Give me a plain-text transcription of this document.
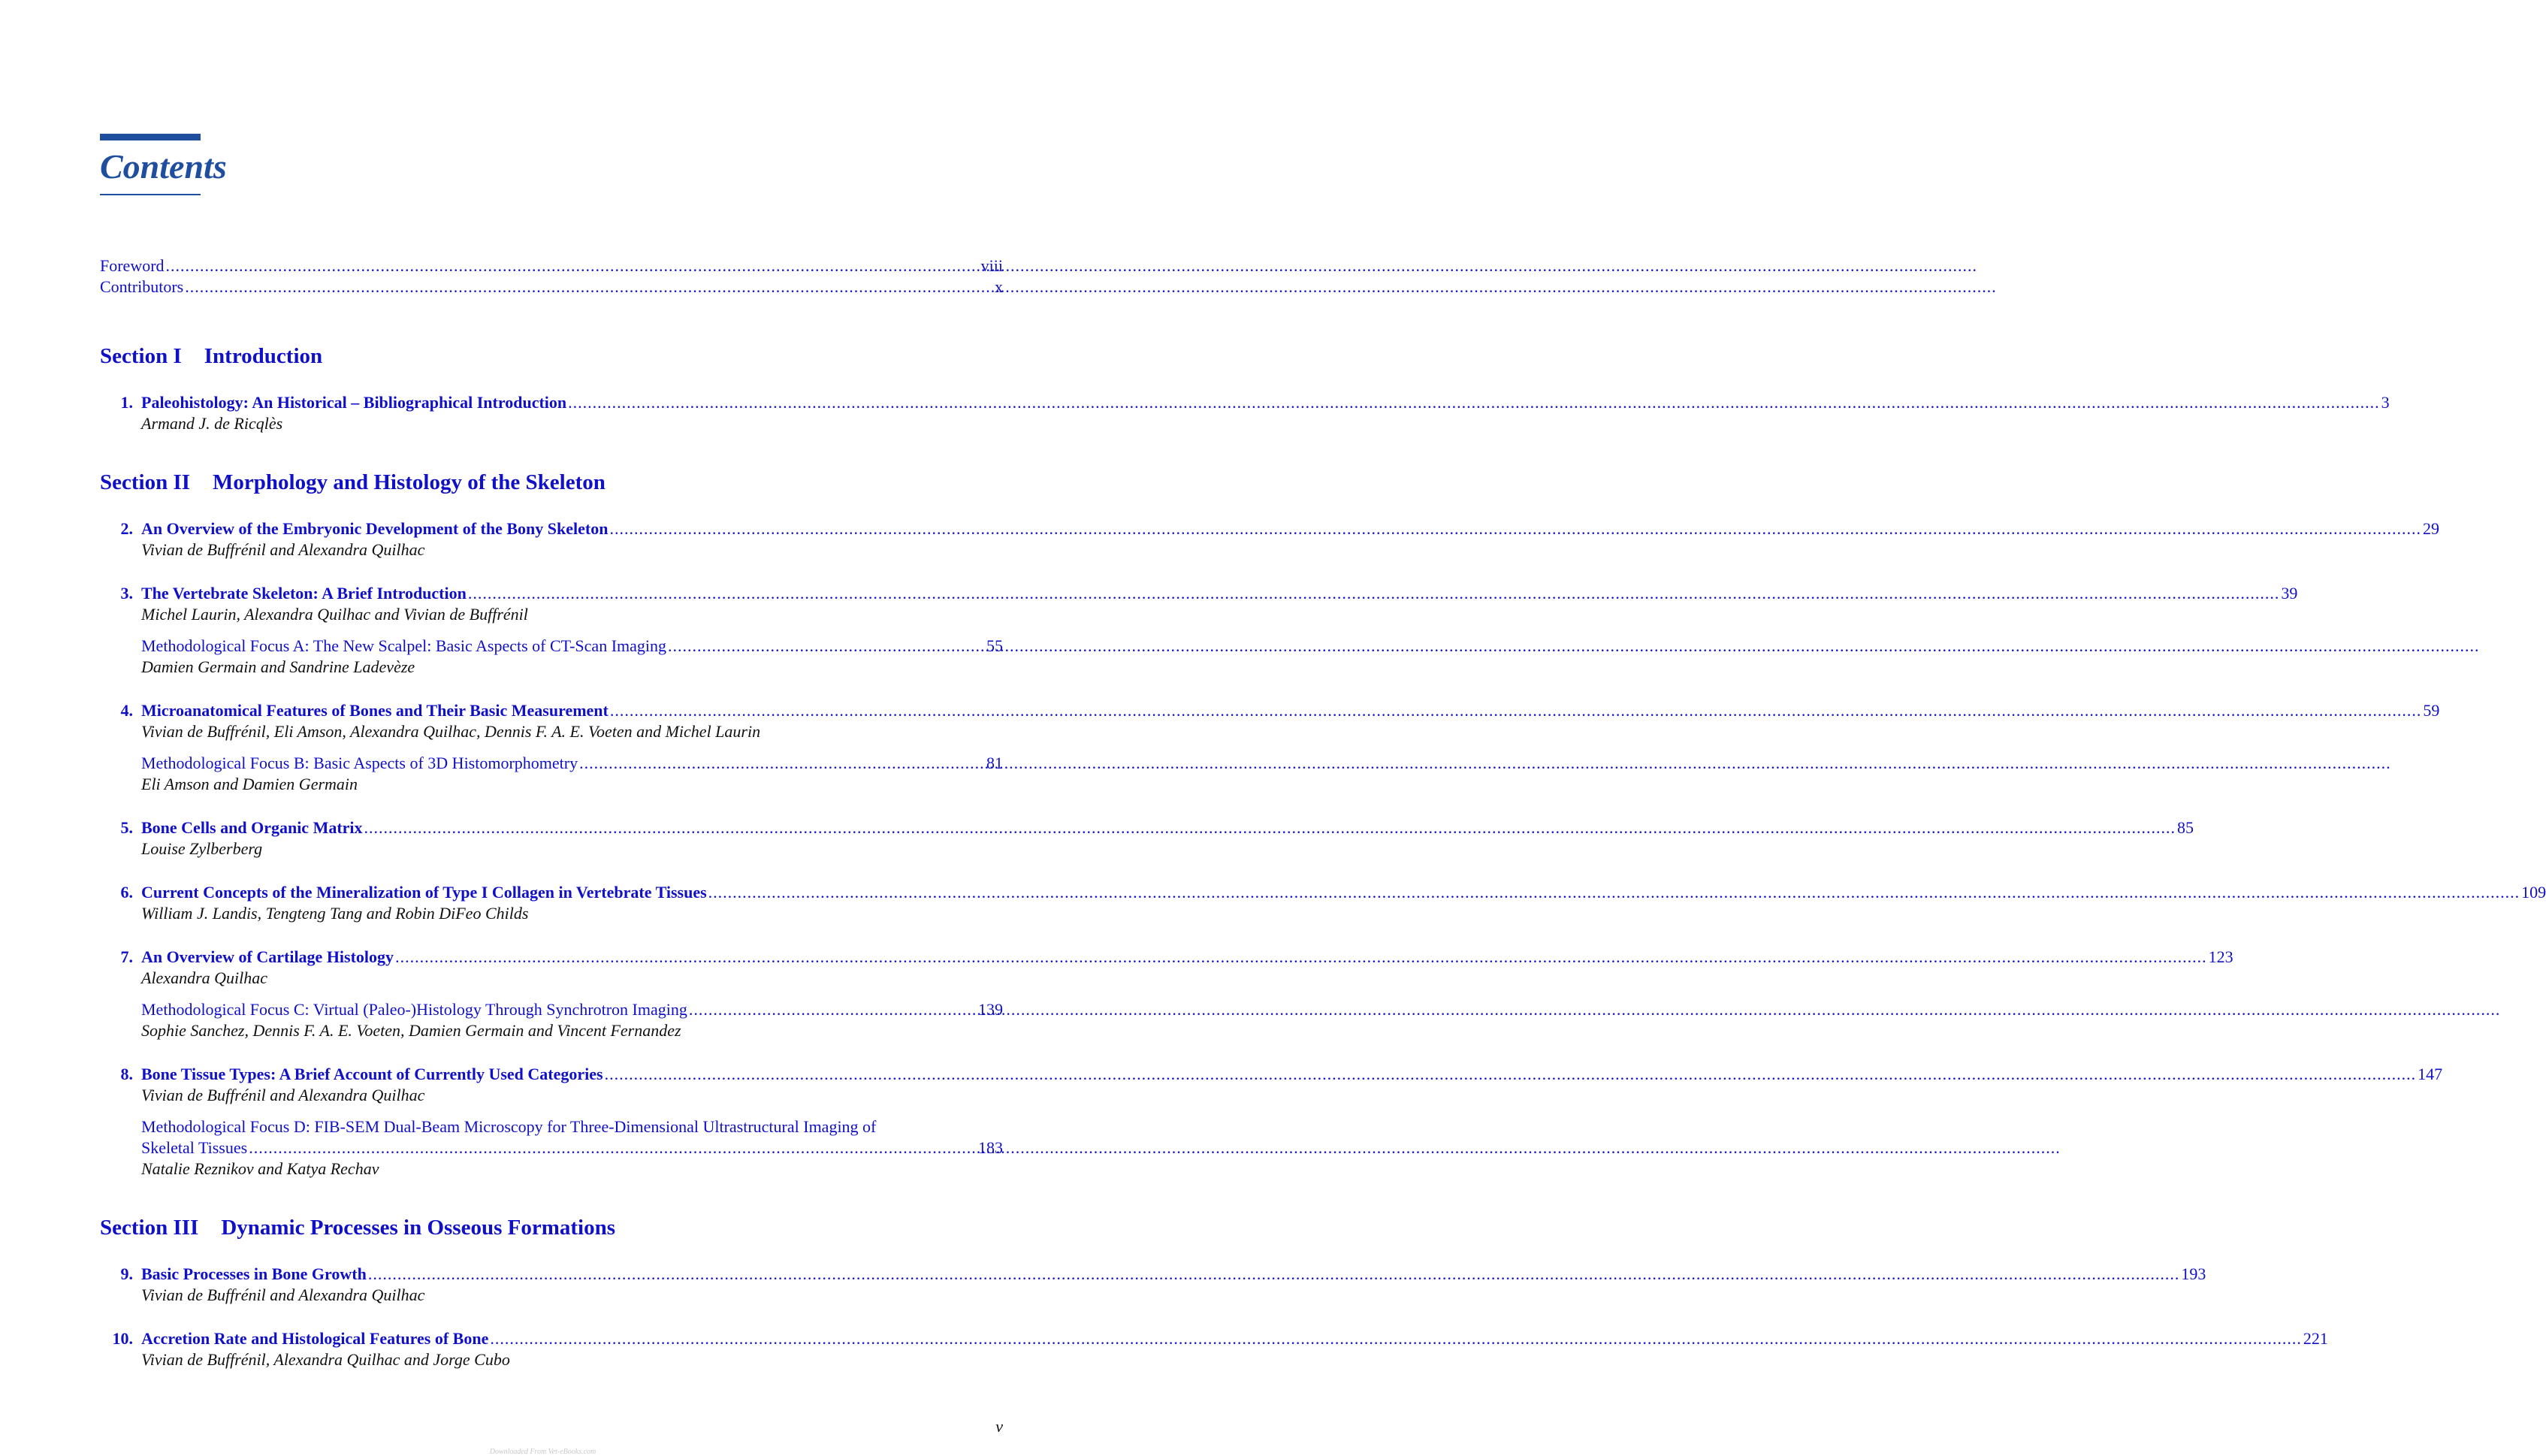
Contents
Foreword .....	viii
Contributors .....	x
Section I Introduction
1. Paleohistology: An Historical – Bibliographical Introduction .....	3
Armand J. de Ricqlès
Section II Morphology and Histology of the Skeleton
2. An Overview of the Embryonic Development of the Bony Skeleton .....	29
Vivian de Buffrénil and Alexandra Quilhac
3. The Vertebrate Skeleton: A Brief Introduction .....	39
Michel Laurin, Alexandra Quilhac and Vivian de Buffrénil
Methodological Focus A: The New Scalpel: Basic Aspects of CT-Scan Imaging .....	55
Damien Germain and Sandrine Ladevèze
4. Microanatomical Features of Bones and Their Basic Measurement .....	59
Vivian de Buffrénil, Eli Amson, Alexandra Quilhac, Dennis F. A. E. Voeten and Michel Laurin
Methodological Focus B: Basic Aspects of 3D Histomorphometry .....	81
Eli Amson and Damien Germain
5. Bone Cells and Organic Matrix .....	85
Louise Zylberberg
6. Current Concepts of the Mineralization of Type I Collagen in Vertebrate Tissues .....	109
William J. Landis, Tengteng Tang and Robin DiFeo Childs
7. An Overview of Cartilage Histology .....	123
Alexandra Quilhac
Methodological Focus C: Virtual (Paleo-)Histology Through Synchrotron Imaging .....	139
Sophie Sanchez, Dennis F. A. E. Voeten, Damien Germain and Vincent Fernandez
8. Bone Tissue Types: A Brief Account of Currently Used Categories .....	147
Vivian de Buffrénil and Alexandra Quilhac
Methodological Focus D: FIB-SEM Dual-Beam Microscopy for Three-Dimensional Ultrastructural Imaging of
Skeletal Tissues .....	183
Natalie Reznikov and Katya Rechav
Section III Dynamic Processes in Osseous Formations
9. Basic Processes in Bone Growth .....	193
Vivian de Buffrénil and Alexandra Quilhac
10. Accretion Rate and Histological Features of Bone .....	221
Vivian de Buffrénil, Alexandra Quilhac and Jorge Cubo
v
Downloaded From Vet-eBooks.com
